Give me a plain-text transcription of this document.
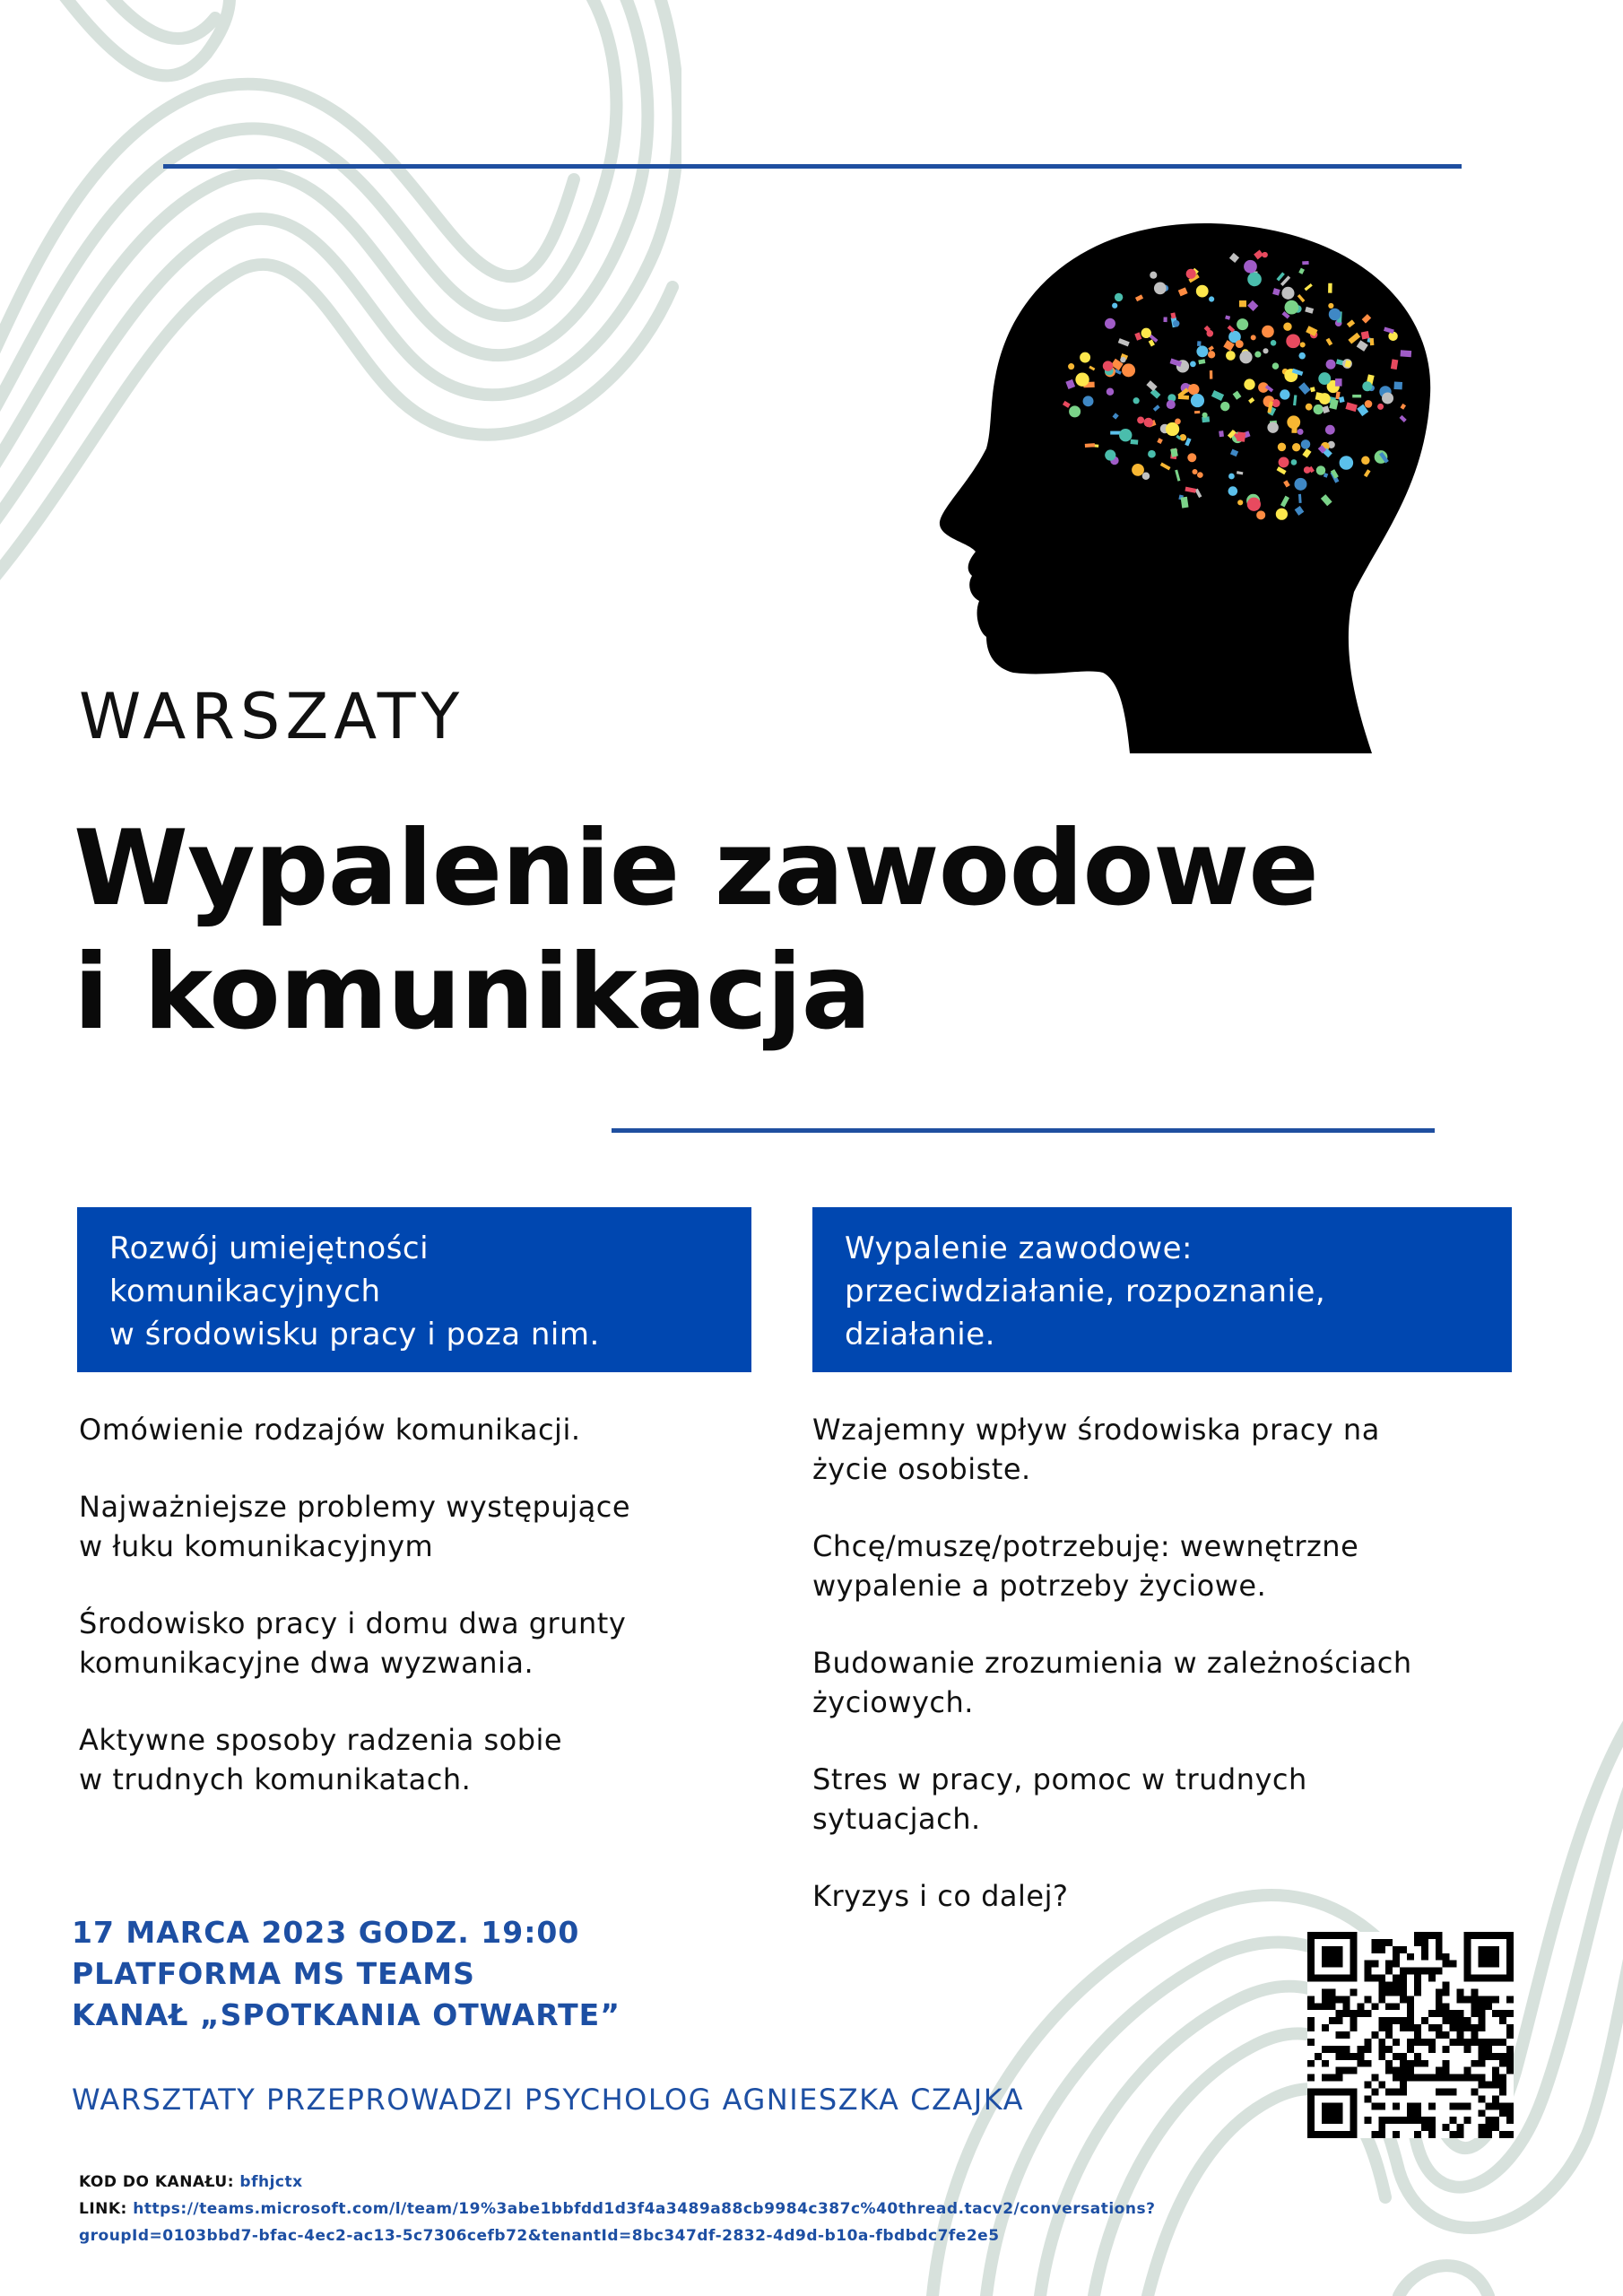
WARSZATY
Wypalenie zawodowe
i komunikacja
Rozwój umiejętności
komunikacyjnych
w środowisku pracy i poza nim.
Wypalenie zawodowe:
przeciwdziałanie, rozpoznanie,
działanie.
Omówienie rodzajów komunikacji.
Najważniejsze problemy występujące
w łuku komunikacyjnym
Środowisko pracy i domu dwa grunty
komunikacyjne dwa wyzwania.
Aktywne sposoby radzenia sobie
w trudnych komunikatach.
Wzajemny wpływ środowiska pracy na
życie osobiste.
Chcę/muszę/potrzebuję: wewnętrzne
wypalenie a potrzeby życiowe.
Budowanie zrozumienia w zależnościach
życiowych.
Stres w pracy, pomoc w trudnych
sytuacjach.
Kryzys i co dalej?
17 MARCA 2023 GODZ. 19:00
PLATFORMA MS TEAMS
KANAŁ „SPOTKANIA OTWARTE”
WARSZTATY PRZEPROWADZI PSYCHOLOG AGNIESZKA CZAJKA
KOD DO KANAŁU: bfhjctx
LINK: https://teams.microsoft.com/l/team/19%3abe1bbfdd1d3f4a3489a88cb9984c387c%40thread.tacv2/conversations?
groupId=0103bbd7-bfac-4ec2-ac13-5c7306cefb72&tenantId=8bc347df-2832-4d9d-b10a-fbdbdc7fe2e5
